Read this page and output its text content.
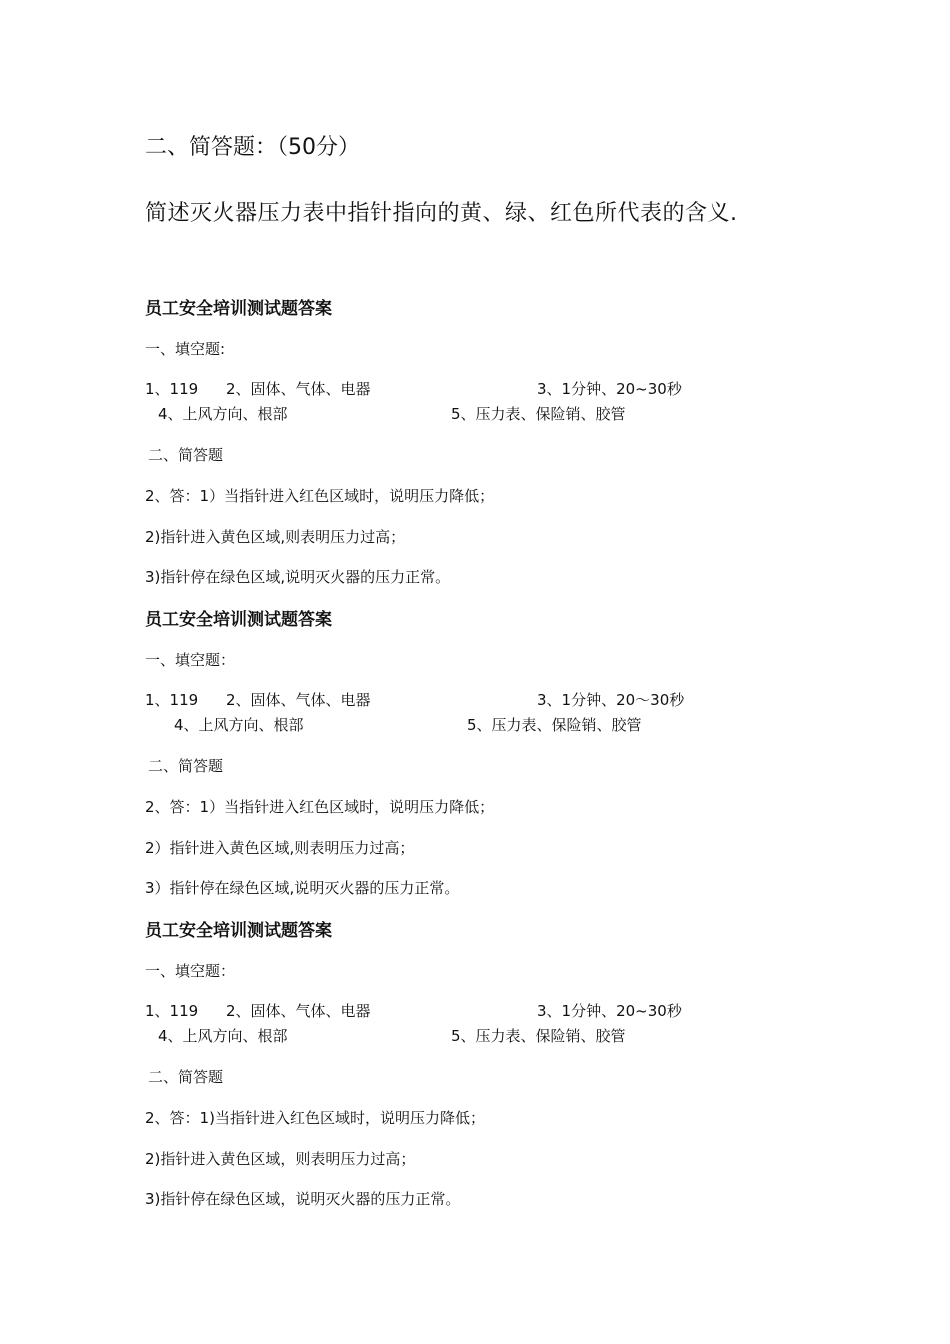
二、简答题：（50分）
简述灭火器压力表中指针指向的黄、绿、红色所代表的含义.
员工安全培训测试题答案
一、填空题:
1、119 2、固体、气体、电器	3、1分钟、20~30秒
4、上风方向、根部	5、压力表、保险销、胶管
二、简答题
2、答：1）当指针进入红色区域时，说明压力降低；
2)指针进入黄色区域,则表明压力过高；
3)指针停在绿色区域,说明灭火器的压力正常。
员工安全培训测试题答案
一、填空题：
1、119 2、固体、气体、电器	3、1分钟、20～30秒
4、上风方向、根部	5、压力表、保险销、胶管
二、简答题
2、答：1）当指针进入红色区域时，说明压力降低；
2）指针进入黄色区域,则表明压力过高；
3）指针停在绿色区域,说明灭火器的压力正常。
员工安全培训测试题答案
一、填空题：
1、119 2、固体、气体、电器	3、1分钟、20~30秒
4、上风方向、根部	5、压力表、保险销、胶管
二、简答题
2、答：1)当指针进入红色区域时，说明压力降低；
2)指针进入黄色区域，则表明压力过高；
3)指针停在绿色区域，说明灭火器的压力正常。
